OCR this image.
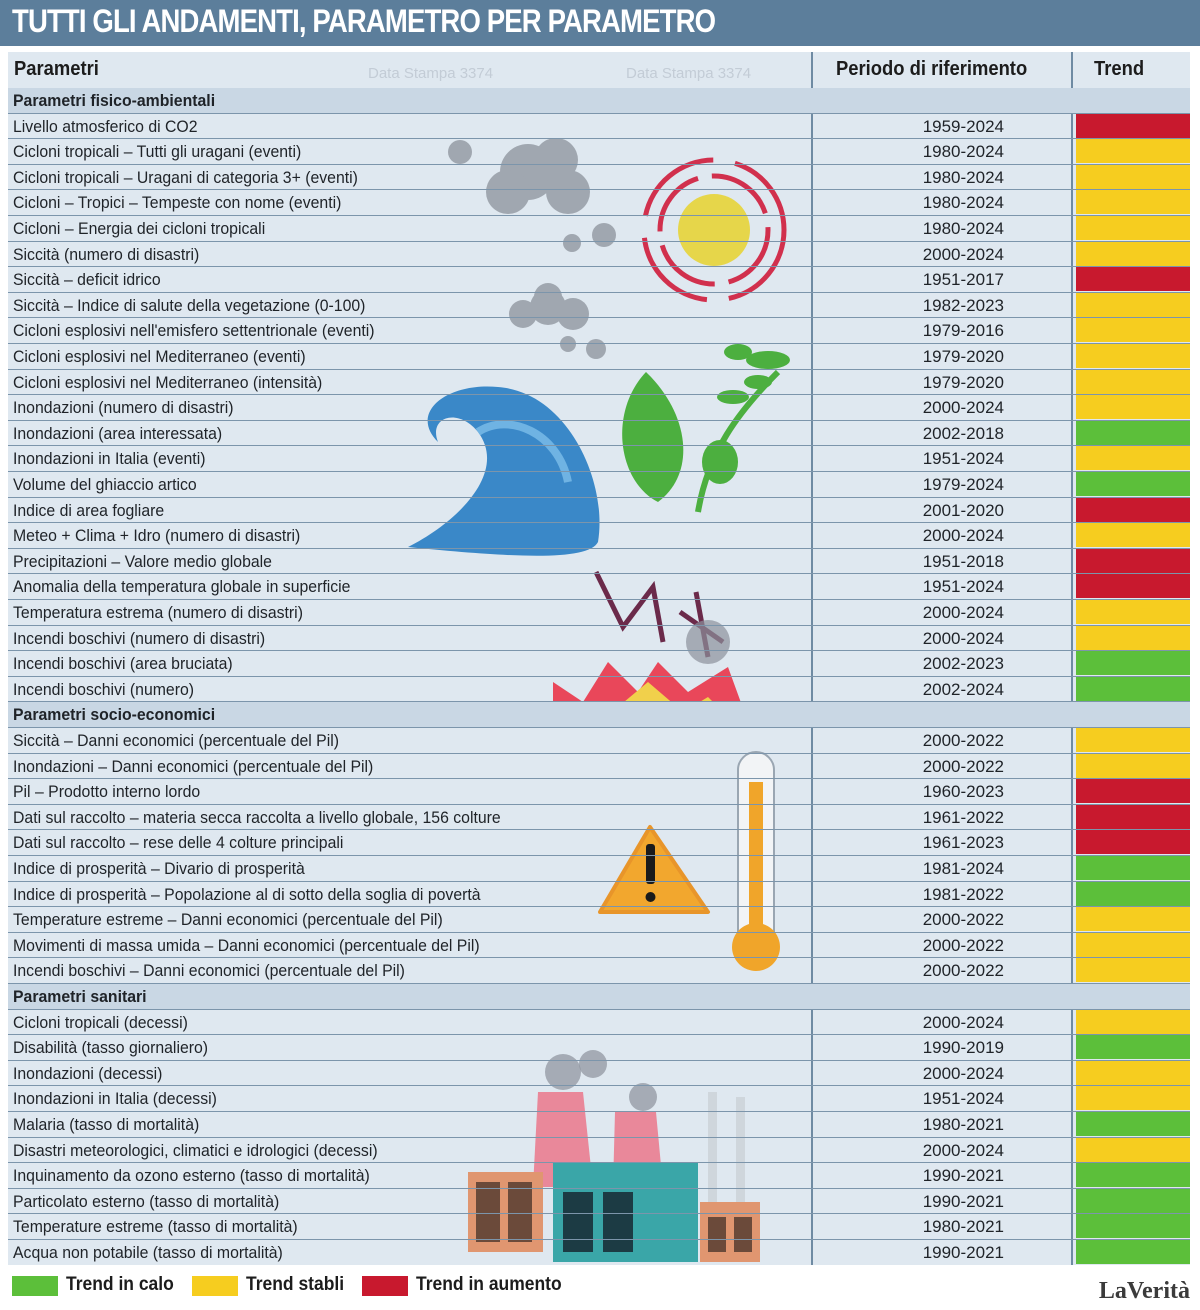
TUTTI GLI ANDAMENTI, PARAMETRO PER PARAMETRO
Parametri	Data Stampa 3374	Data Stampa 3374	Periodo di riferimento	Trend
Parametri fisico-ambientali
Livello atmosferico di CO2	1959-2024
Cicloni tropicali – Tutti gli uragani (eventi)	1980-2024
Cicloni tropicali – Uragani di categoria 3+ (eventi)	1980-2024
Cicloni – Tropici – Tempeste con nome (eventi)	1980-2024
Cicloni – Energia dei cicloni tropicali	1980-2024
Siccità (numero di disastri)	2000-2024
Siccità – deficit idrico	1951-2017
Siccità – Indice di salute della vegetazione (0-100)	1982-2023
Cicloni esplosivi nell'emisfero settentrionale (eventi)	1979-2016
Cicloni esplosivi nel Mediterraneo (eventi)	1979-2020
Cicloni esplosivi nel Mediterraneo (intensità)	1979-2020
Inondazioni (numero di disastri)	2000-2024
Inondazioni (area interessata)	2002-2018
Inondazioni in Italia (eventi)	1951-2024
Volume del ghiaccio artico	1979-2024
Indice di area fogliare	2001-2020
Meteo + Clima + Idro (numero di disastri)	2000-2024
Precipitazioni – Valore medio globale	1951-2018
Anomalia della temperatura globale in superficie	1951-2024
Temperatura estrema (numero di disastri)	2000-2024
Incendi boschivi (numero di disastri)	2000-2024
Incendi boschivi (area bruciata)	2002-2023
Incendi boschivi (numero)	2002-2024
Parametri socio-economici
Siccità – Danni economici (percentuale del Pil)	2000-2022
Inondazioni – Danni economici (percentuale del Pil)	2000-2022
Pil – Prodotto interno lordo	1960-2023
Dati sul raccolto – materia secca raccolta a livello globale, 156 colture	1961-2022
Dati sul raccolto – rese delle 4 colture principali	1961-2023
Indice di prosperità – Divario di prosperità	1981-2024
Indice di prosperità – Popolazione al di sotto della soglia di povertà	1981-2022
Temperature estreme – Danni economici (percentuale del Pil)	2000-2022
Movimenti di massa umida – Danni economici (percentuale del Pil)	2000-2022
Incendi boschivi – Danni economici (percentuale del Pil)	2000-2022
Parametri sanitari
Cicloni tropicali (decessi)	2000-2024
Disabilità (tasso giornaliero)	1990-2019
Inondazioni (decessi)	2000-2024
Inondazioni in Italia (decessi)	1951-2024
Malaria (tasso di mortalità)	1980-2021
Disastri meteorologici, climatici e idrologici (decessi)	2000-2024
Inquinamento da ozono esterno (tasso di mortalità)	1990-2021
Particolato esterno (tasso di mortalità)	1990-2021
Temperature estreme (tasso di mortalità)	1980-2021
Acqua non potabile (tasso di mortalità)	1990-2021
Trend in calo	Trend stabli	Trend in aumento	LaVerità
